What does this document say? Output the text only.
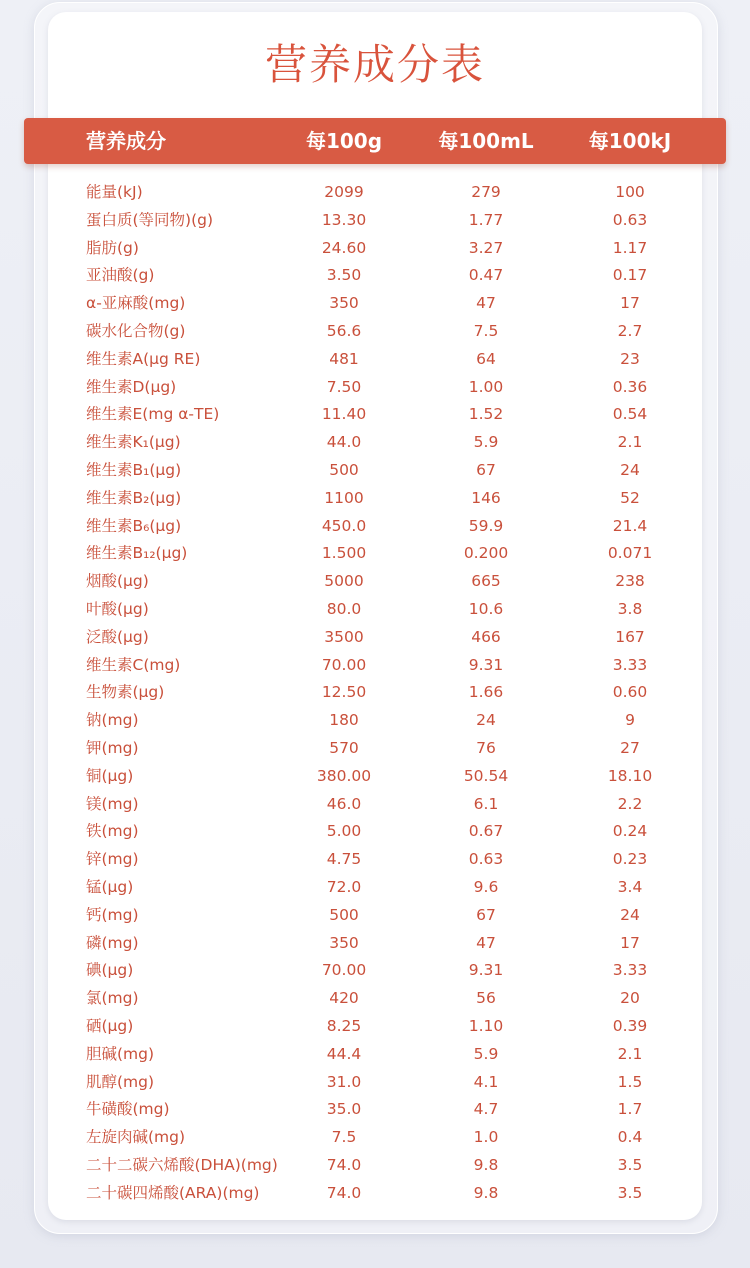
营养成分表
营养成分	每100g	每100mL	每100kJ
能量(kJ)	2099	279	100
蛋白质(等同物)(g)	13.30	1.77	0.63
脂肪(g)	24.60	3.27	1.17
亚油酸(g)	3.50	0.47	0.17
α-亚麻酸(mg)	350	47	17
碳水化合物(g)	56.6	7.5	2.7
维生素A(μg RE)	481	64	23
维生素D(μg)	7.50	1.00	0.36
维生素E(mg α-TE)	11.40	1.52	0.54
维生素K₁(μg)	44.0	5.9	2.1
维生素B₁(μg)	500	67	24
维生素B₂(μg)	1100	146	52
维生素B₆(μg)	450.0	59.9	21.4
维生素B₁₂(μg)	1.500	0.200	0.071
烟酸(μg)	5000	665	238
叶酸(μg)	80.0	10.6	3.8
泛酸(μg)	3500	466	167
维生素C(mg)	70.00	9.31	3.33
生物素(μg)	12.50	1.66	0.60
钠(mg)	180	24	9
钾(mg)	570	76	27
铜(μg)	380.00	50.54	18.10
镁(mg)	46.0	6.1	2.2
铁(mg)	5.00	0.67	0.24
锌(mg)	4.75	0.63	0.23
锰(μg)	72.0	9.6	3.4
钙(mg)	500	67	24
磷(mg)	350	47	17
碘(μg)	70.00	9.31	3.33
氯(mg)	420	56	20
硒(μg)	8.25	1.10	0.39
胆碱(mg)	44.4	5.9	2.1
肌醇(mg)	31.0	4.1	1.5
牛磺酸(mg)	35.0	4.7	1.7
左旋肉碱(mg)	7.5	1.0	0.4
二十二碳六烯酸(DHA)(mg)	74.0	9.8	3.5
二十碳四烯酸(ARA)(mg)	74.0	9.8	3.5
